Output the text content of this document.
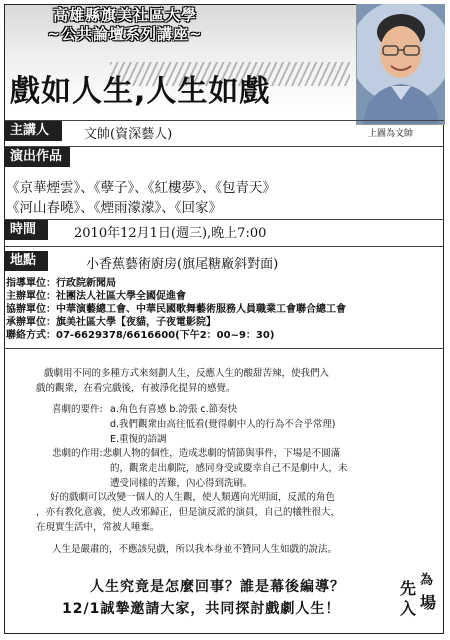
高雄縣旗美社區大學
~公共論壇系列講座~
戲如人生,人生如戲
上圖為文帥
主講人	文帥(資深藝人)
演出作品
《京華煙雲》、《孽子》、《紅樓夢》、《包青天》
《河山春曉》、《煙雨濛濛》、《回家》
時間	2010年12月1日(週三),晚上7:00
地點	小香蕉藝術廚房(旗尾糖廠斜對面)
指導單位：行政院新聞局
主辦單位：社團法人社區大學全國促進會
協辦單位：中華演藝總工會、中華民國歌舞藝術服務人員職業工會聯合總工會
承辦單位：旗美社區大學【夜貓，子夜電影院】
聯絡方式：07-6629378/6616600(下午2：00~9：30)
戲劇用不同的多種方式來刻劃人生，反應人生的酸甜苦辣，使我們入
戲的觀衆，在看完戲後，有被淨化提昇的感覺。
喜劇的要件: a.角色有喜感 b.誇張 c.節奏快
d.我們觀衆由高往低看(覺得劇中人的行為不合乎常理)
E.重復的語調
悲劇的作用:悲劇人物的個性，造成悲劇的情節與事件，下場是不圓滿
的，觀衆走出劇院，感同身受或慶幸自己不是劇中人，未
遭受同樣的苦難，內心得到洗刷。
好的戲劇可以改變一個人的人生觀，使人類邁向光明面，反派的角色
，亦有教化意義，使人改邪歸正，但是演反派的演員，自己的犧牲很大，
在現實生活中，常被人唾棄。
人生是嚴肅的，不應該兒戲，所以我本身並不贊同人生如戲的說法。
人生究竟是怎麼回事？誰是幕後編導？
12/1誠摯邀請大家，共同探討戲劇人生！
先
入
為
場
